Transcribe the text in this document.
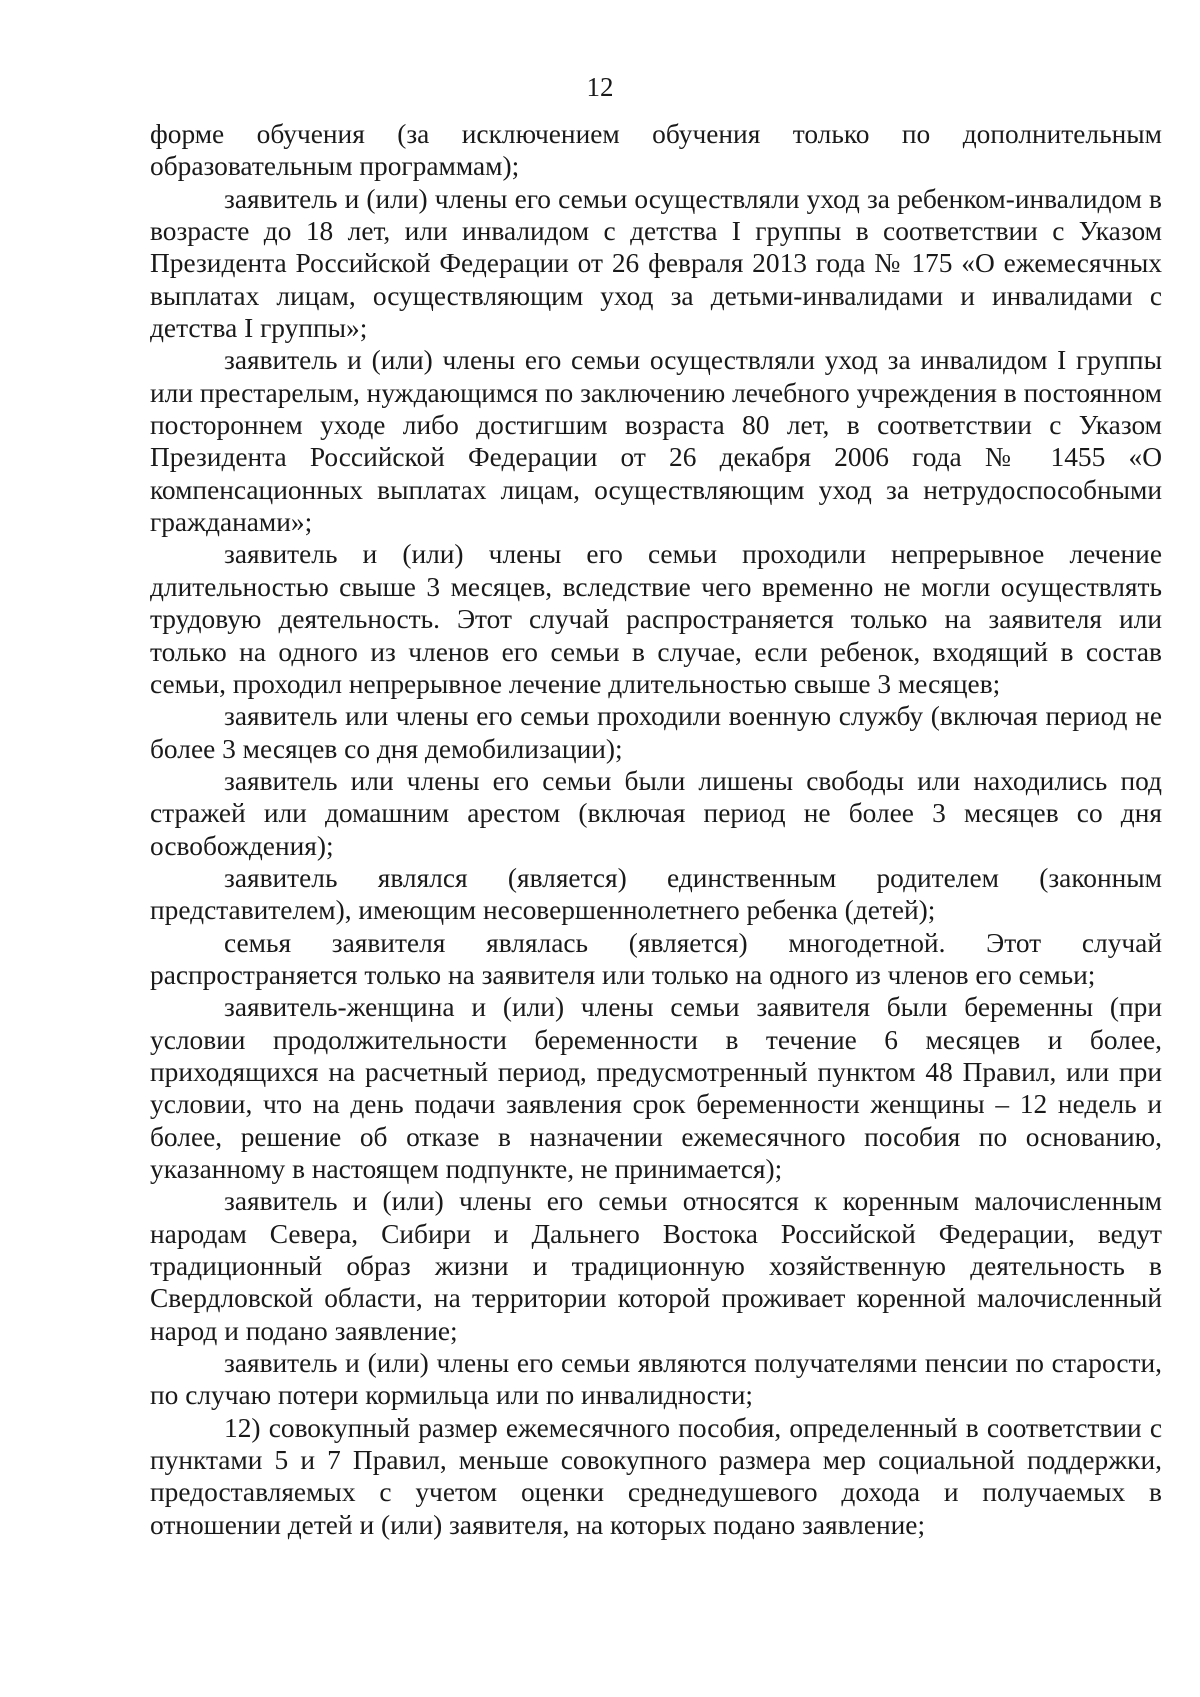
12

форме обучения (за исключением обучения только по дополнительным образовательным программам);

заявитель и (или) члены его семьи осуществляли уход за ребенком-инвалидом в возрасте до 18 лет, или инвалидом с детства I группы в соответствии с Указом Президента Российской Федерации от 26 февраля 2013 года № 175 «О ежемесячных выплатах лицам, осуществляющим уход за детьми-инвалидами и инвалидами с детства I группы»;

заявитель и (или) члены его семьи осуществляли уход за инвалидом I группы или престарелым, нуждающимся по заключению лечебного учреждения в постоянном постороннем уходе либо достигшим возраста 80 лет, в соответствии с Указом Президента Российской Федерации от 26 декабря 2006 года № 1455 «О компенсационных выплатах лицам, осуществляющим уход за нетрудоспособными гражданами»;

заявитель и (или) члены его семьи проходили непрерывное лечение длительностью свыше 3 месяцев, вследствие чего временно не могли осуществлять трудовую деятельность. Этот случай распространяется только на заявителя или только на одного из членов его семьи в случае, если ребенок, входящий в состав семьи, проходил непрерывное лечение длительностью свыше 3 месяцев;

заявитель или члены его семьи проходили военную службу (включая период не более 3 месяцев со дня демобилизации);

заявитель или члены его семьи были лишены свободы или находились под стражей или домашним арестом (включая период не более 3 месяцев со дня освобождения);

заявитель являлся (является) единственным родителем (законным представителем), имеющим несовершеннолетнего ребенка (детей);

семья заявителя являлась (является) многодетной. Этот случай распространяется только на заявителя или только на одного из членов его семьи;

заявитель-женщина и (или) члены семьи заявителя были беременны (при условии продолжительности беременности в течение 6 месяцев и более, приходящихся на расчетный период, предусмотренный пунктом 48 Правил, или при условии, что на день подачи заявления срок беременности женщины – 12 недель и более, решение об отказе в назначении ежемесячного пособия по основанию, указанному в настоящем подпункте, не принимается);

заявитель и (или) члены его семьи относятся к коренным малочисленным народам Севера, Сибири и Дальнего Востока Российской Федерации, ведут традиционный образ жизни и традиционную хозяйственную деятельность в Свердловской области, на территории которой проживает коренной малочисленный народ и подано заявление;

заявитель и (или) члены его семьи являются получателями пенсии по старости, по случаю потери кормильца или по инвалидности;

12) совокупный размер ежемесячного пособия, определенный в соответствии с пунктами 5 и 7 Правил, меньше совокупного размера мер социальной поддержки, предоставляемых с учетом оценки среднедушевого дохода и получаемых в отношении детей и (или) заявителя, на которых подано заявление;
